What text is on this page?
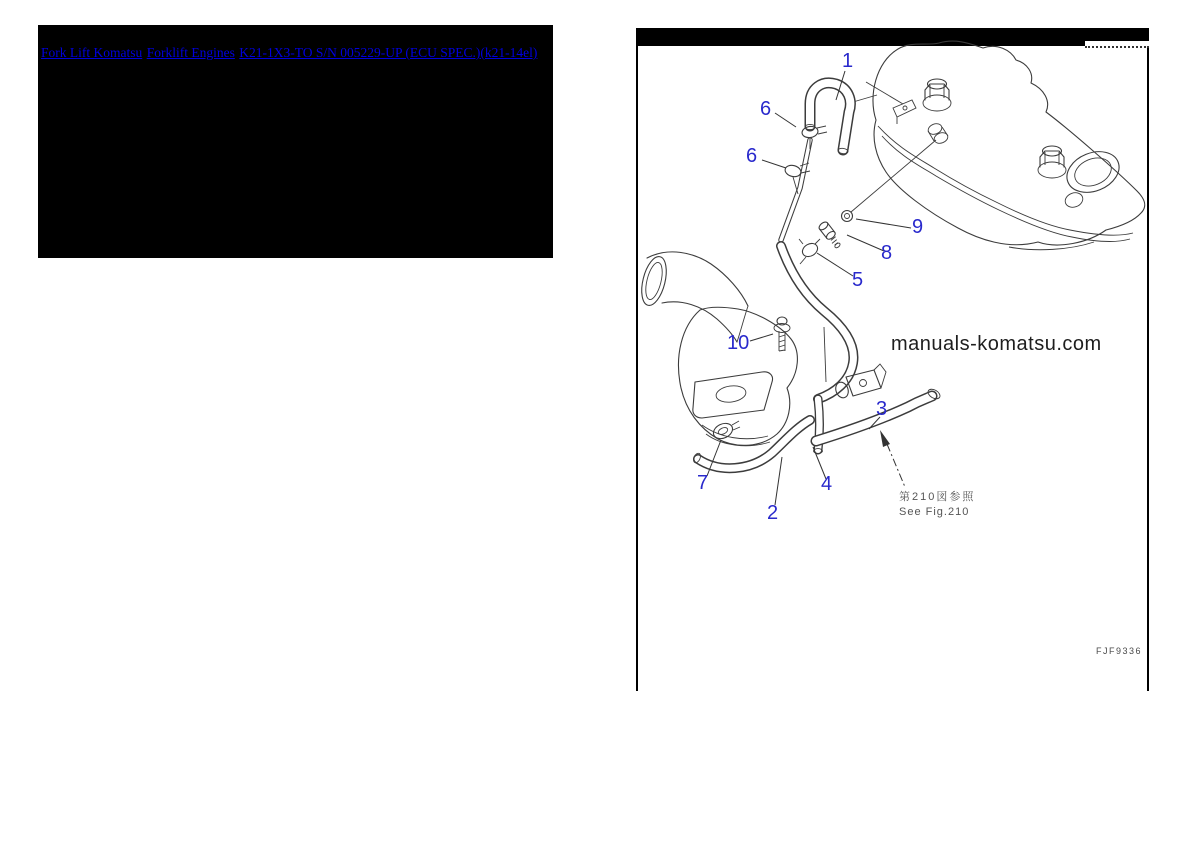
Fork Lift Komatsu Forklift Engines K21-1X3-TO S/N 005229-UP (ECU SPEC.)(k21-14el)	1
6
6
9
8
5
10
3
7
2
4
manuals-komatsu.com
第210図参照
See Fig.210
FJF9336
